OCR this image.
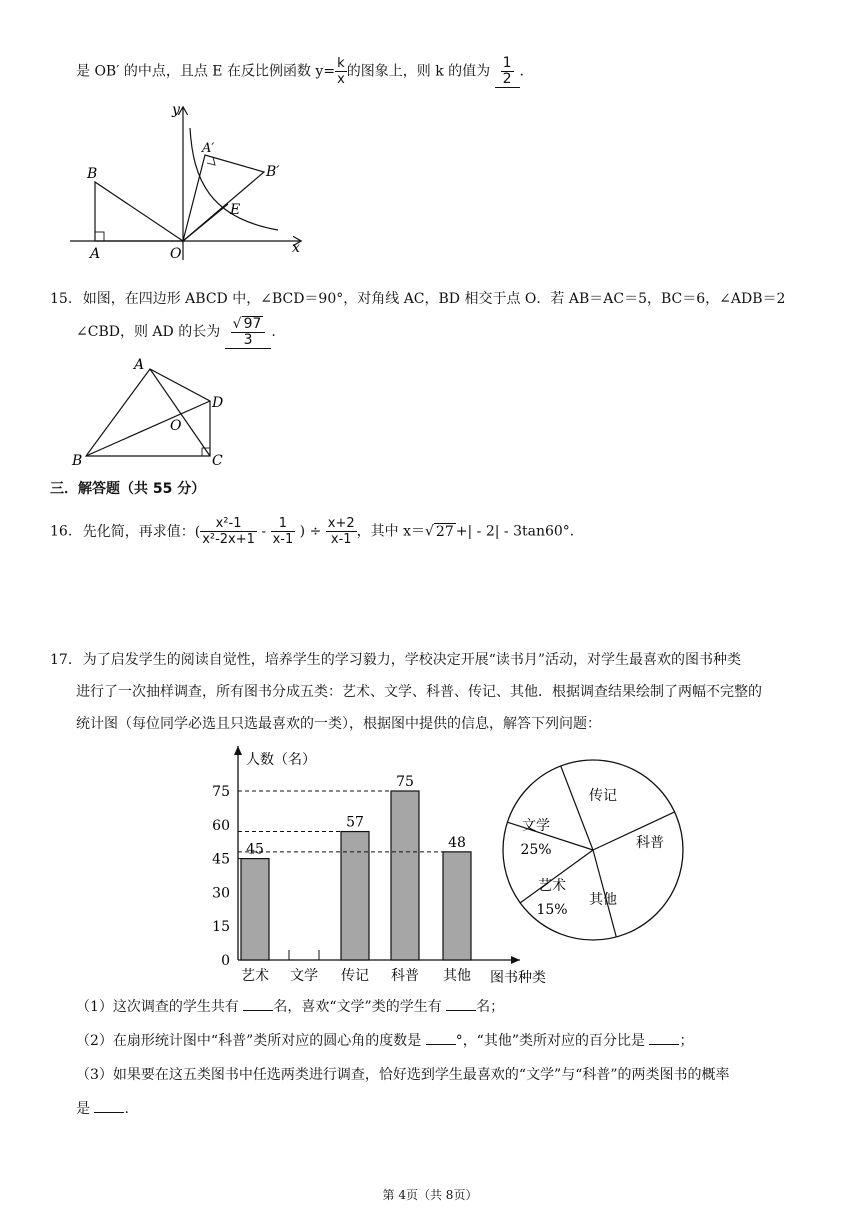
是 OB′ 的中点，且点 E 在反比例函数 $y= \frac{k}{x}$ 的图象上，则 k 的值为 $\frac{1}{2}$ .
y
x
O
A
B
A′
B′
E
15. 如图，在四边形 ABCD 中，∠BCD＝90°，对角线 AC，BD 相交于点 O．若 AB＝AC＝5，BC＝6，∠ADB＝2
∠CBD，则 AD 的长为 $\frac{√ 97}{3}$ .
A
B	C
D
O
三．解答题（共 55 分）
16. 先化简，再求值：( $\frac{\text{x²-1}}{\text{x²-2x+1}} - \frac{1}{x-1}$ ) ÷ $\frac{x+2}{x-1}$ ，其中 x＝√ 27 +| - 2| - 3tan60°．
17. 为了启发学生的阅读自觉性，培养学生的学习毅力，学校决定开展“读书月”活动，对学生最喜欢的图书种类
进行了一次抽样调查，所有图书分成五类：艺术、文学、科普、传记、其他．根据调查结果绘制了两幅不完整的
统计图（每位同学必选且只选最喜欢的一类），根据图中提供的信息，解答下列问题：
人数（名）
图书种类
0
15
30
45
60
75
艺术
45
文学 传记
57
科普
75
其他
48
传记
科普
其他
艺术
15%
文学
25%
（1）这次调查的学生共有 名，喜欢“文学”类的学生有 名；
（2）在扇形统计图中“科普”类所对应的圆心角的度数是 °，“其他”类所对应的百分比是 ；
（3）如果要在这五类图书中任选两类进行调查，恰好选到学生最喜欢的“文学”与“科普”的两类图书的概率
是 .
第 4页（共 8页）
